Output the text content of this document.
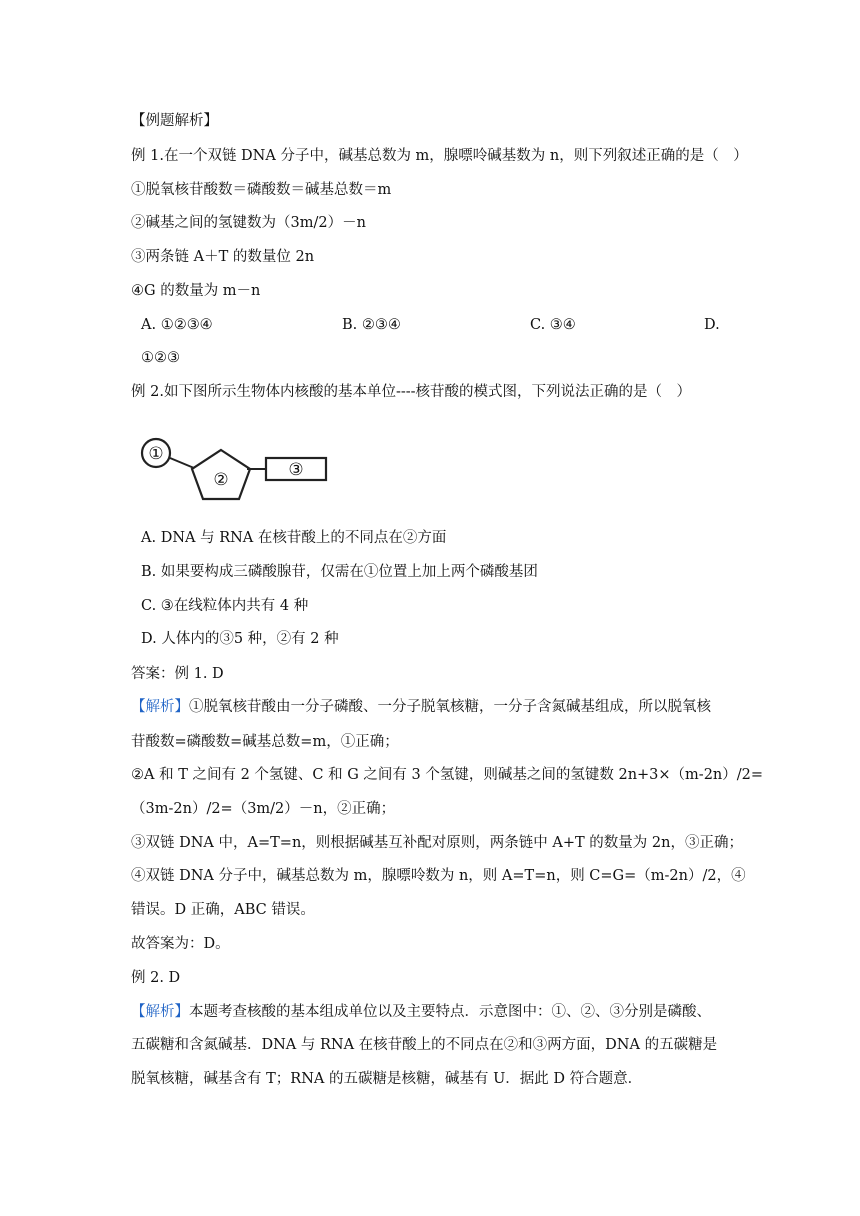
【例题解析】
例 1.在一个双链 DNA 分子中，碱基总数为 m，腺嘌呤碱基数为 n，则下列叙述正确的是（　）
①脱氧核苷酸数＝磷酸数＝碱基总数＝m
②碱基之间的氢键数为（3m/2）－n
③两条链 A＋T 的数量位 2n
④G 的数量为 m－n
A. ①②③④	B. ②③④	C. ③④	D.
①②③
例 2.如下图所示生物体内核酸的基本单位----核苷酸的模式图，下列说法正确的是（　）
①
②	③
A. DNA 与 RNA 在核苷酸上的不同点在②方面
B. 如果要构成三磷酸腺苷，仅需在①位置上加上两个磷酸基团
C. ③在线粒体内共有 4 种
D. 人体内的③5 种，②有 2 种
答案：例 1. D
【解析】①脱氧核苷酸由一分子磷酸、一分子脱氧核糖，一分子含氮碱基组成，所以脱氧核
苷酸数=磷酸数=碱基总数=m，①正确；
②A 和 T 之间有 2 个氢键、C 和 G 之间有 3 个氢键，则碱基之间的氢键数 2n+3×（m-2n）/2=
（3m-2n）/2=（3m/2）－n，②正确；
③双链 DNA 中，A=T=n，则根据碱基互补配对原则，两条链中 A+T 的数量为 2n，③正确；
④双链 DNA 分子中，碱基总数为 m，腺嘌呤数为 n，则 A=T=n，则 C=G=（m-2n）/2，④
错误。D 正确，ABC 错误。
故答案为：D。
例 2. D
【解析】本题考查核酸的基本组成单位以及主要特点．示意图中：①、②、③分别是磷酸、
五碳糖和含氮碱基．DNA 与 RNA 在核苷酸上的不同点在②和③两方面，DNA 的五碳糖是
脱氧核糖，碱基含有 T；RNA 的五碳糖是核糖，碱基有 U．据此 D 符合题意．
